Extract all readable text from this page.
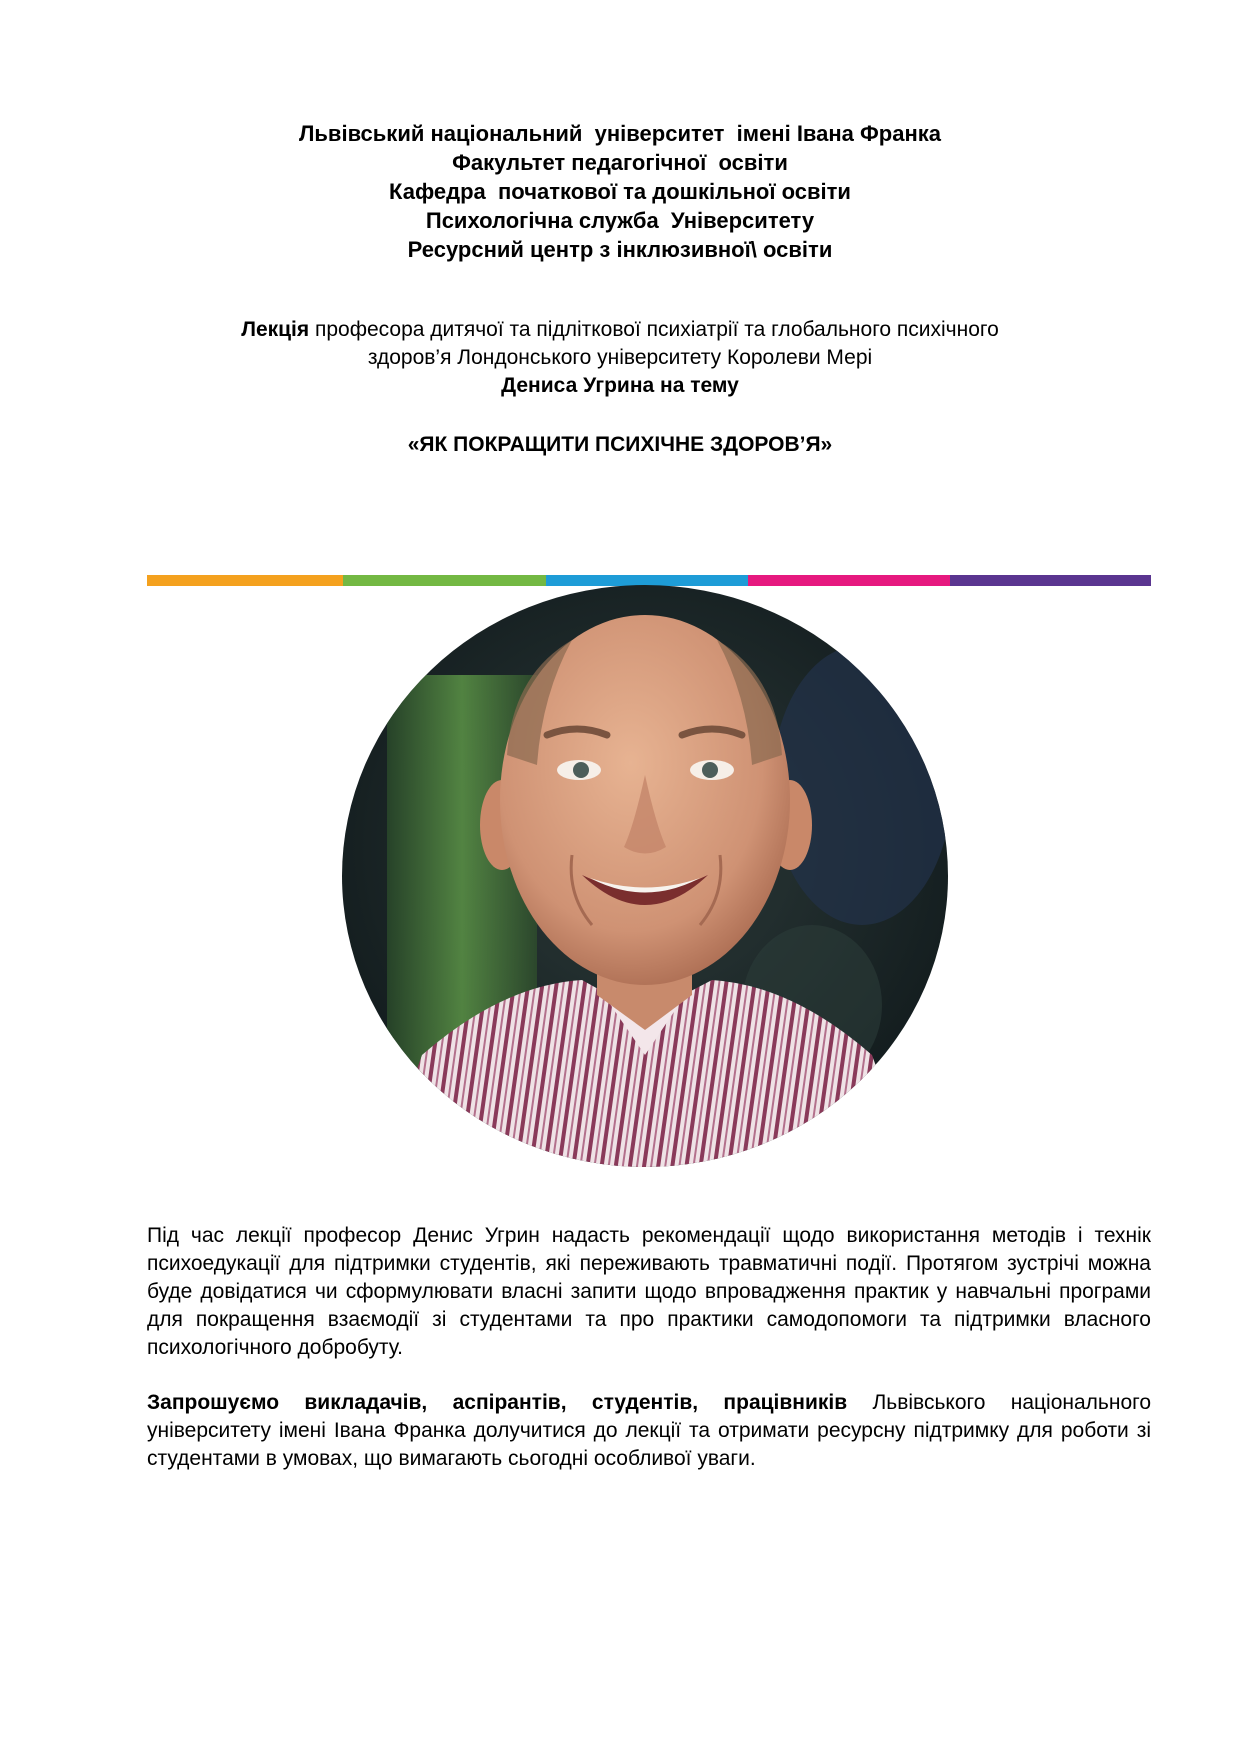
Львівський національний  університет  імені Івана Франка
Факультет педагогічної  освіти
Кафедра  початкової та дошкільної освіти
Психологічна служба  Університету
Ресурсний центр з інклюзивної\ освіти
Лекція професора дитячої та підліткової психіатрії та глобального психічного
здоров’я Лондонського університету Королеви Мері
Дениса Угрина на тему
«ЯК ПОКРАЩИТИ ПСИХІЧНЕ ЗДОРОВ’Я»
Під час лекції професор Денис Угрин надасть рекомендації щодо використання методів і технік психоедукації для підтримки студентів, які переживають травматичні події. Протягом зустрічі можна буде довідатися чи сформулювати власні запити щодо впровадження практик у навчальні програми для покращення взаємодії зі студентами та про практики самодопомоги та підтримки власного психологічного добробуту.
Запрошуємо викладачів, аспірантів, студентів, працівників Львівського національного університету імені Івана Франка долучитися до лекції та отримати ресурсну підтримку для роботи зі студентами в умовах, що вимагають сьогодні особливої уваги.
